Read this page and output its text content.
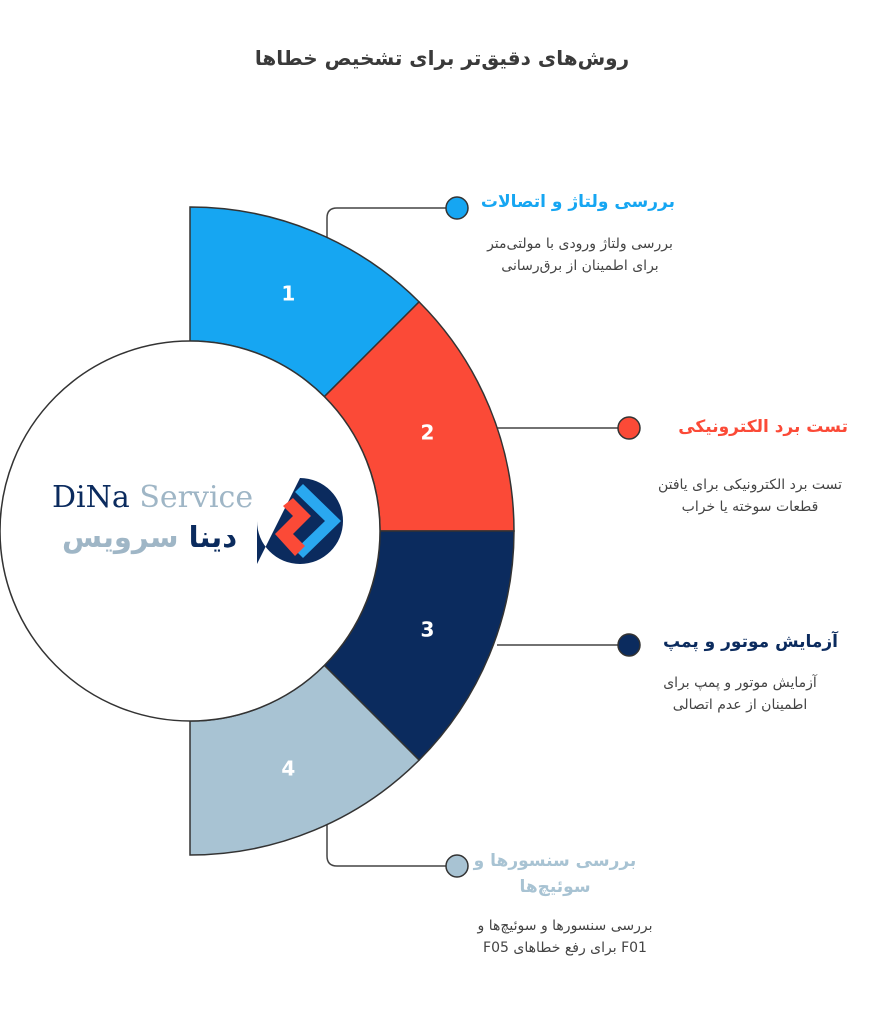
روش‌های دقیق‌تر برای تشخیص خطاها
1
2
3
4
DiNa Service
دینا سرویس
بررسی ولتاژ و اتصالات
بررسی ولتاژ ورودی با مولتی‌متر برای اطمینان از برق‌رسانی
تست برد الکترونیکی
تست برد الکترونیکی برای یافتن قطعات سوخته یا خراب
آزمایش موتور و پمپ
آزمایش موتور و پمپ برای اطمینان از عدم اتصالی
بررسی سنسورها و سوئیچ‌ها
بررسی سنسورها و سوئیچ‌ها و F01 برای رفع خطاهای F05
